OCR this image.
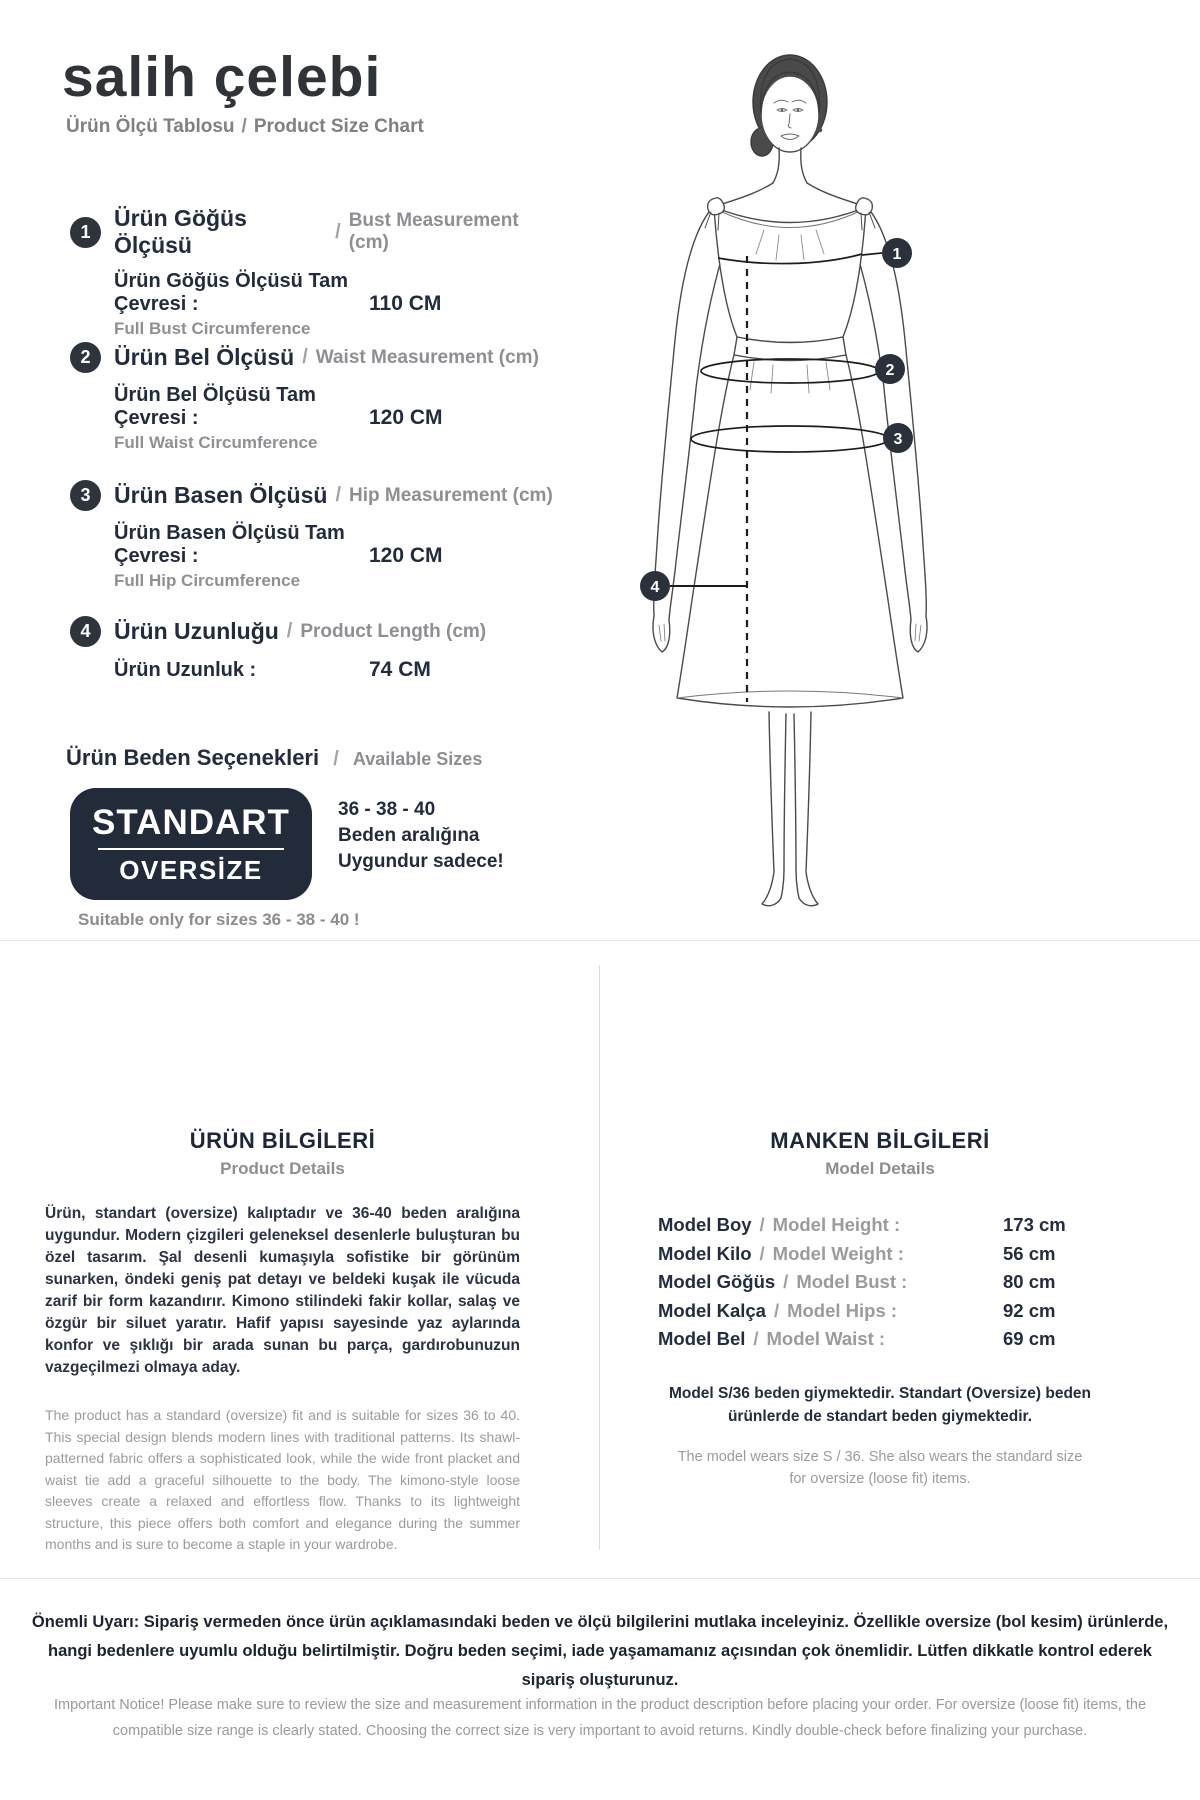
salih çelebi
Ürün Ölçü Tablosu / Product Size Chart
1
Ürün Göğüs Ölçüsü
/ Bust Measurement (cm)
Ürün Göğüs Ölçüsü Tam Çevresi :	110 CM
Full Bust Circumference
2	Ürün Bel Ölçüsü / Waist Measurement (cm)
Ürün Bel Ölçüsü Tam Çevresi :	120 CM
Full Waist Circumference
3	Ürün Basen Ölçüsü / Hip Measurement (cm)
Ürün Basen Ölçüsü Tam Çevresi :	120 CM
Full Hip Circumference
4	Ürün Uzunluğu / Product Length (cm)
Ürün Uzunluk :	74 CM
Ürün Beden Seçenekleri / Available Sizes
STANDART
OVERSİZE
36 - 38 - 40
Beden aralığına
Uygundur sadece!
Suitable only for sizes 36 - 38 - 40 !
1
2
3
4
ÜRÜN BİLGİLERİ
Product Details
Ürün, standart (oversize) kalıptadır ve 36-40 beden aralığına uygundur. Modern çizgileri geleneksel desenlerle buluşturan bu özel tasarım. Şal desenli kumaşıyla sofistike bir görünüm sunarken, öndeki geniş pat detayı ve beldeki kuşak ile vücuda zarif bir form kazandırır. Kimono stilindeki fakir kollar, salaş ve özgür bir siluet yaratır. Hafif yapısı sayesinde yaz aylarında konfor ve şıklığı bir arada sunan bu parça, gardırobunuzun vazgeçilmezi olmaya aday.
The product has a standard (oversize) fit and is suitable for sizes 36 to 40. This special design blends modern lines with traditional patterns. Its shawl-patterned fabric offers a sophisticated look, while the wide front placket and waist tie add a graceful silhouette to the body. The kimono-style loose sleeves create a relaxed and effortless flow. Thanks to its lightweight structure, this piece offers both comfort and elegance during the summer months and is sure to become a staple in your wardrobe.
MANKEN BİLGİLERİ
Model Details
Model Boy / Model Height :	173 cm
Model Kilo / Model Weight :	56 cm
Model Göğüs / Model Bust :	80 cm
Model Kalça / Model Hips :	92 cm
Model Bel / Model Waist :	69 cm
Model S/36 beden giymektedir. Standart (Oversize) beden ürünlerde de standart beden giymektedir.
The model wears size S / 36. She also wears the standard size for oversize (loose fit) items.
Önemli Uyarı: Sipariş vermeden önce ürün açıklamasındaki beden ve ölçü bilgilerini mutlaka inceleyiniz. Özellikle oversize (bol kesim) ürünlerde, hangi bedenlere uyumlu olduğu belirtilmiştir. Doğru beden seçimi, iade yaşamamanız açısından çok önemlidir. Lütfen dikkatle kontrol ederek sipariş oluşturunuz.
Important Notice! Please make sure to review the size and measurement information in the product description before placing your order. For oversize (loose fit) items, the compatible size range is clearly stated. Choosing the correct size is very important to avoid returns. Kindly double-check before finalizing your purchase.
